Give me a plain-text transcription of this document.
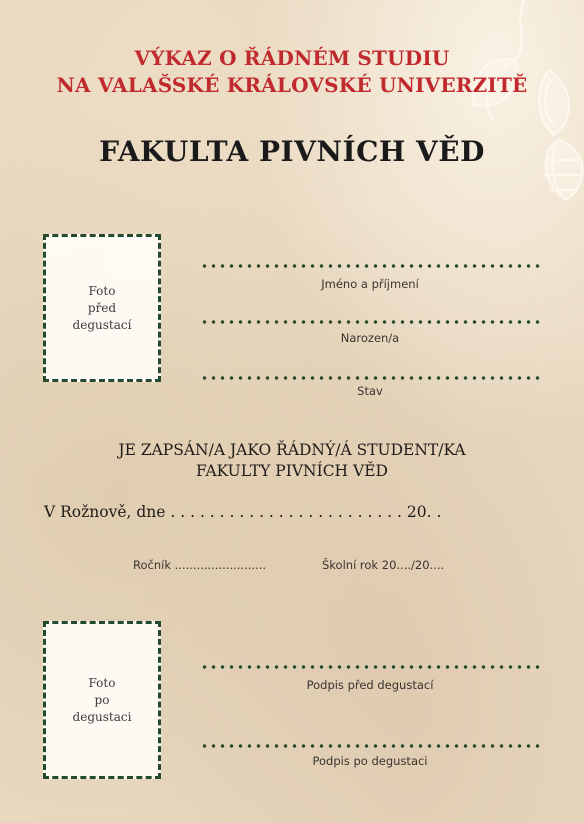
VÝKAZ O ŘÁDNÉM STUDIU
NA VALAŠSKÉ KRÁLOVSKÉ UNIVERZITĚ
FAKULTA PIVNÍCH VĚD
Foto
před
degustací
Jméno a příjmení
Narozen/a
Stav
JE ZAPSÁN/A JAKO ŘÁDNÝ/Á STUDENT/KA
FAKULTY PIVNÍCH VĚD
V Rožnově, dne . . . . . . . . . . . . . . . . . . . . . . . . 20. .
Ročník .........................	Školní rok 20..../20....
Foto
po
degustaci
Podpis před degustací
Podpis po degustaci
